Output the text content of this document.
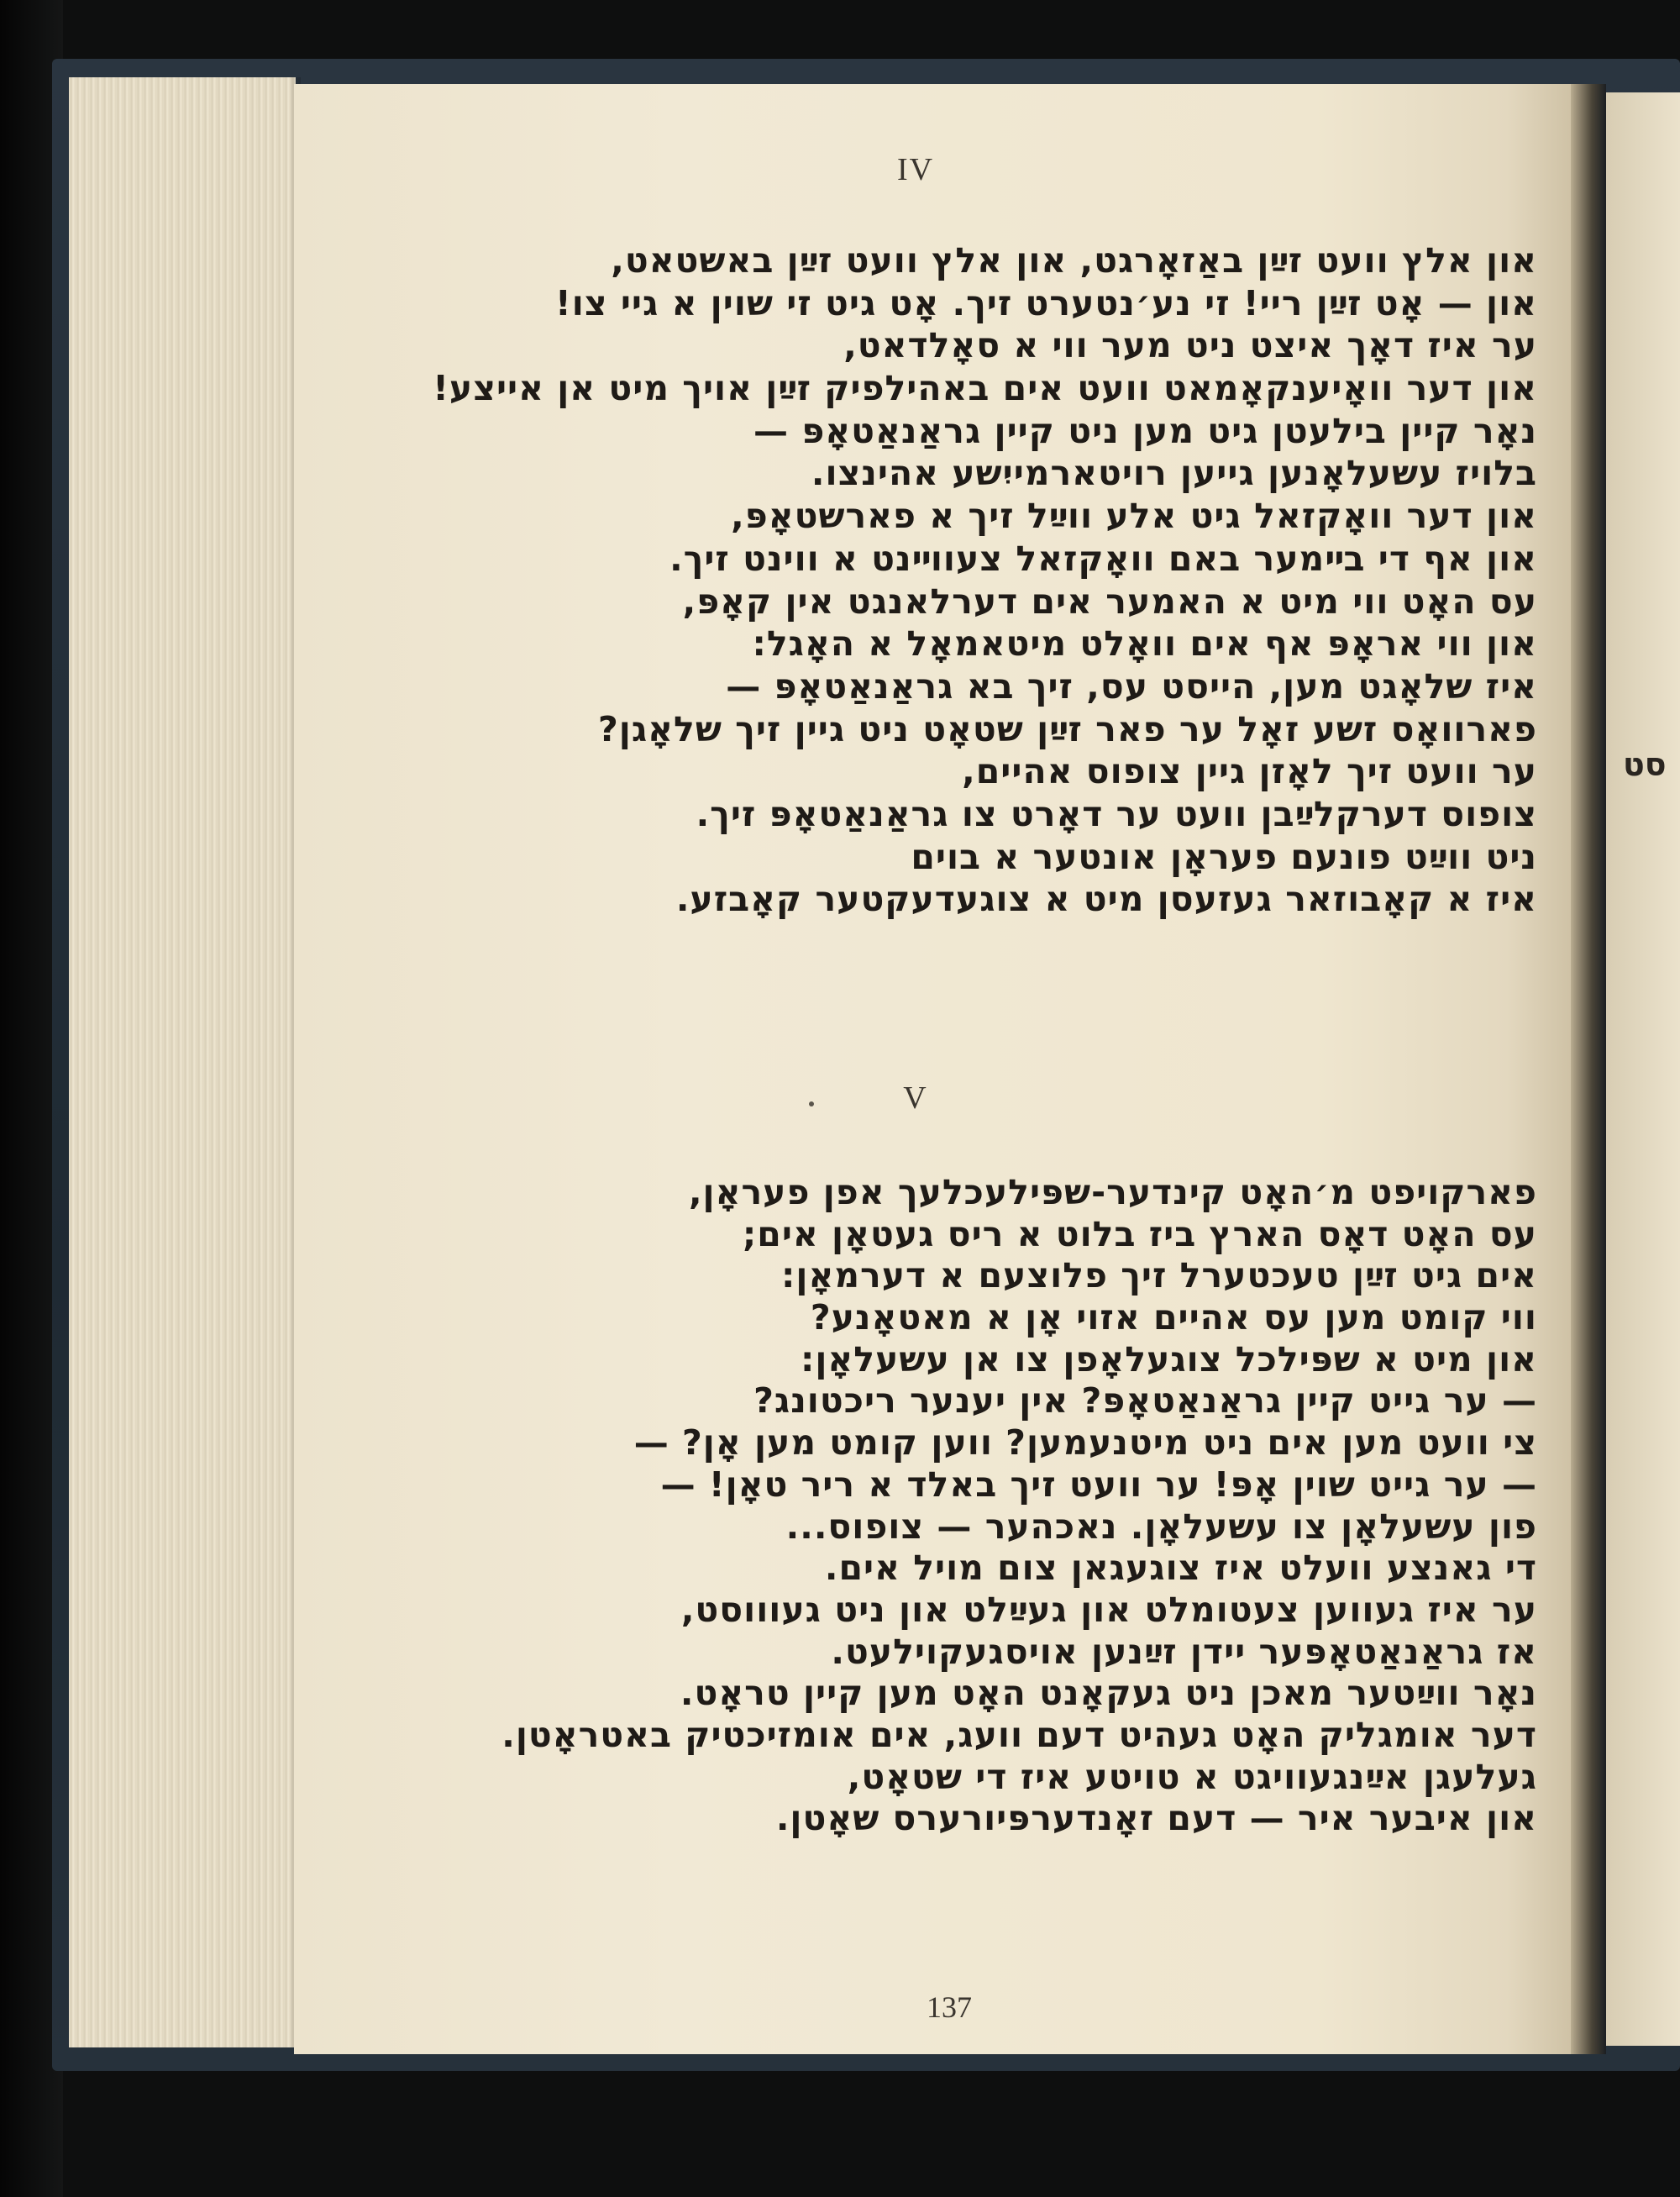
סט
IV
און אלץ וועט זײַן באַזאָרגט, און אלץ וועט זײַן באשטאט,
און — אָט זײַן ריי! זי נע׳נטערט זיך. אָט גיט זי שוין א גיי צו!
ער איז דאָך איצט ניט מער ווי א סאָלדאט,
און דער וואָיענקאָמאט וועט אים באהילפיק זײַן אויך מיט אן אייצע!
נאָר קיין בילעטן גיט מען ניט קיין גראַנאַטאָפּ —
בלויז עשעלאָנען גייען רויטארמייִשע אהינצו.
און דער וואָקזאל גיט אלע ווײַל זיך א פארשטאָפּ,
און אף די בײמער באם וואָקזאל צעווײנט א ווינט זיך.
עס האָט ווי מיט א האמער אים דערלאנגט אין קאָפּ,
און ווי אראָפּ אף אים וואָלט מיטאמאָל א האָגל:
איז שלאָגט מען, הייסט עס, זיך בא גראַנאַטאָפּ —
פארוואָס זשע זאָל ער פאר זײַן שטאָט ניט גיין זיך שלאָגן?
ער וועט זיך לאָזן גיין צופוס אהיים,
צופוס דערקלײַבן וועט ער דאָרט צו גראַנאַטאָפּ זיך.
ניט ווײַט פונעם פעראָן אונטער א בוים
איז א קאָבוזאר געזעסן מיט א צוגעדעקטער קאָבזע.
V
פארקויפט מ׳האָט קינדער-שפּילעכלעך אפן פעראָן,
עס האָט דאָס הארץ ביז בלוט א ריס געטאָן אים;
אים גיט זײַן טעכטערל זיך פלוצעם א דערמאָן:
ווי קומט מען עס אהיים אזוי אָן א מאטאָנע?
און מיט א שפּילכל צוגעלאָפן צו אן עשעלאָן:
— ער גייט קיין גראַנאַטאָפּ? אין יענער ריכטונג?
צי וועט מען אים ניט מיטנעמען? ווען קומט מען אָן? —
— ער גייט שוין אָפּ! ער וועט זיך באלד א ריר טאָן! —
פון עשעלאָן צו עשעלאָן. נאכהער — צופוס...
די גאנצע וועלט איז צוגעגאן צום מויל אים.
ער איז געווען צעטומלט און געײַלט און ניט געוווסט,
אז גראַנאַטאָפּער יידן זײַנען אויסגעקוילעט.
נאָר ווײַטער מאכן ניט געקאָנט האָט מען קיין טראָט.
דער אומגליק האָט געהיט דעם וועג, אים אומזיכטיק באטראָטן.
געלעגן אײַנגעוויגט א טויטע איז די שטאָט,
און איבער איר — דעם זאָנדערפּיורערס שאָטן.
137
